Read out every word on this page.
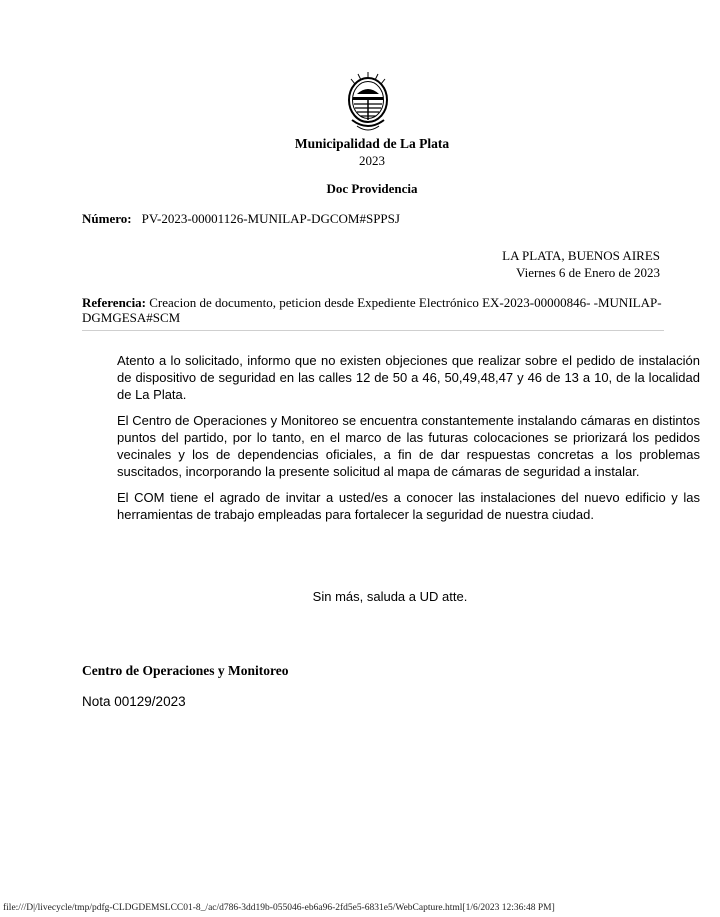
Municipalidad de La Plata
2023
Doc Providencia
Número: PV-2023-00001126-MUNILAP-DGCOM#SPPSJ
LA PLATA, BUENOS AIRES
Viernes 6 de Enero de 2023
Referencia: Creacion de documento, peticion desde Expediente Electrónico EX-2023-00000846- -MUNILAP-DGMGESA#SCM

Atento a lo solicitado, informo que no existen objeciones que realizar sobre el pedido de instalación de dispositivo de seguridad en las calles 12 de 50 a 46, 50,49,48,47 y 46 de 13 a 10, de la localidad de La Plata.

El Centro de Operaciones y Monitoreo se encuentra constantemente instalando cámaras en distintos puntos del partido, por lo tanto, en el marco de las futuras colocaciones se priorizará los pedidos vecinales y los de dependencias oficiales, a fin de dar respuestas concretas a los problemas suscitados, incorporando la presente solicitud al mapa de cámaras de seguridad a instalar.

El COM tiene el agrado de invitar a usted/es a conocer las instalaciones del nuevo edificio y las herramientas de trabajo empleadas para fortalecer la seguridad de nuestra ciudad.

Sin más, saluda a UD atte.
Centro de Operaciones y Monitoreo
Nota 00129/2023
file:///D|/livecycle/tmp/pdfg-CLDGDEMSLCC01-8_/ac/d786-3dd19b-055046-eb6a96-2fd5e5-6831e5/WebCapture.html[1/6/2023 12:36:48 PM]
